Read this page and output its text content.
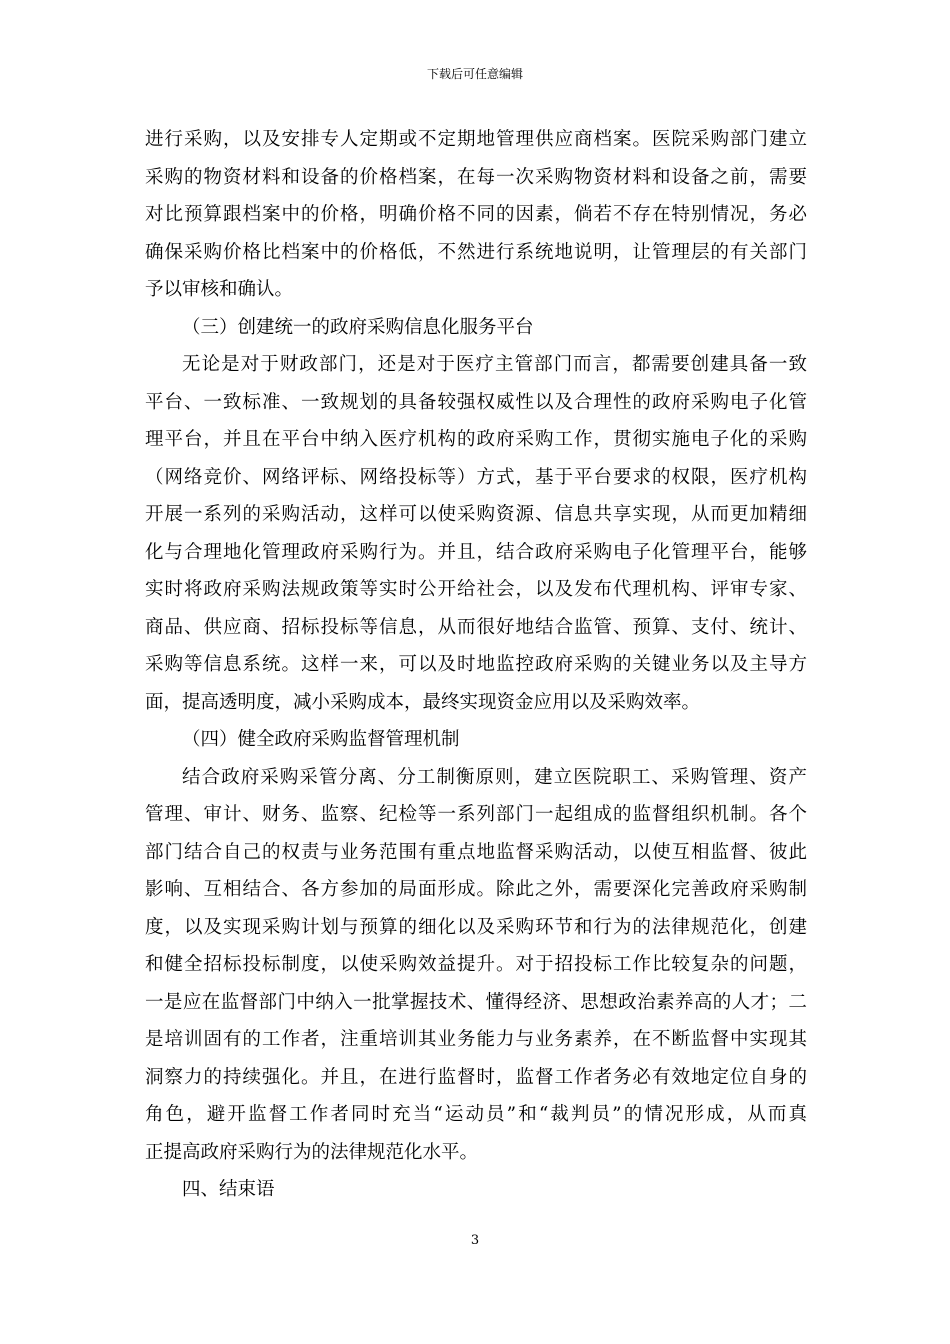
下载后可任意编辑
进行采购，以及安排专人定期或不定期地管理供应商档案。医院采购部门建立
采购的物资材料和设备的价格档案，在每一次采购物资材料和设备之前，需要
对比预算跟档案中的价格，明确价格不同的因素，倘若不存在特别情况，务必
确保采购价格比档案中的价格低，不然进行系统地说明，让管理层的有关部门
予以审核和确认。
（三）创建统一的政府采购信息化服务平台
无论是对于财政部门，还是对于医疗主管部门而言，都需要创建具备一致
平台、一致标准、一致规划的具备较强权威性以及合理性的政府采购电子化管
理平台，并且在平台中纳入医疗机构的政府采购工作，贯彻实施电子化的采购
（网络竞价、网络评标、网络投标等）方式，基于平台要求的权限，医疗机构
开展一系列的采购活动，这样可以使采购资源、信息共享实现，从而更加精细
化与合理地化管理政府采购行为。并且，结合政府采购电子化管理平台，能够
实时将政府采购法规政策等实时公开给社会，以及发布代理机构、评审专家、
商品、供应商、招标投标等信息，从而很好地结合监管、预算、支付、统计、
采购等信息系统。这样一来，可以及时地监控政府采购的关键业务以及主导方
面，提高透明度，减小采购成本，最终实现资金应用以及采购效率。
（四）健全政府采购监督管理机制
结合政府采购采管分离、分工制衡原则，建立医院职工、采购管理、资产
管理、审计、财务、监察、纪检等一系列部门一起组成的监督组织机制。各个
部门结合自己的权责与业务范围有重点地监督采购活动，以使互相监督、彼此
影响、互相结合、各方参加的局面形成。除此之外，需要深化完善政府采购制
度，以及实现采购计划与预算的细化以及采购环节和行为的法律规范化，创建
和健全招标投标制度，以使采购效益提升。对于招投标工作比较复杂的问题，
一是应在监督部门中纳入一批掌握技术、懂得经济、思想政治素养高的人才；二
是培训固有的工作者，注重培训其业务能力与业务素养，在不断监督中实现其
洞察力的持续强化。并且，在进行监督时，监督工作者务必有效地定位自身的
角色，避开监督工作者同时充当“运动员”和“裁判员”的情况形成，从而真
正提高政府采购行为的法律规范化水平。
四、结束语
3
